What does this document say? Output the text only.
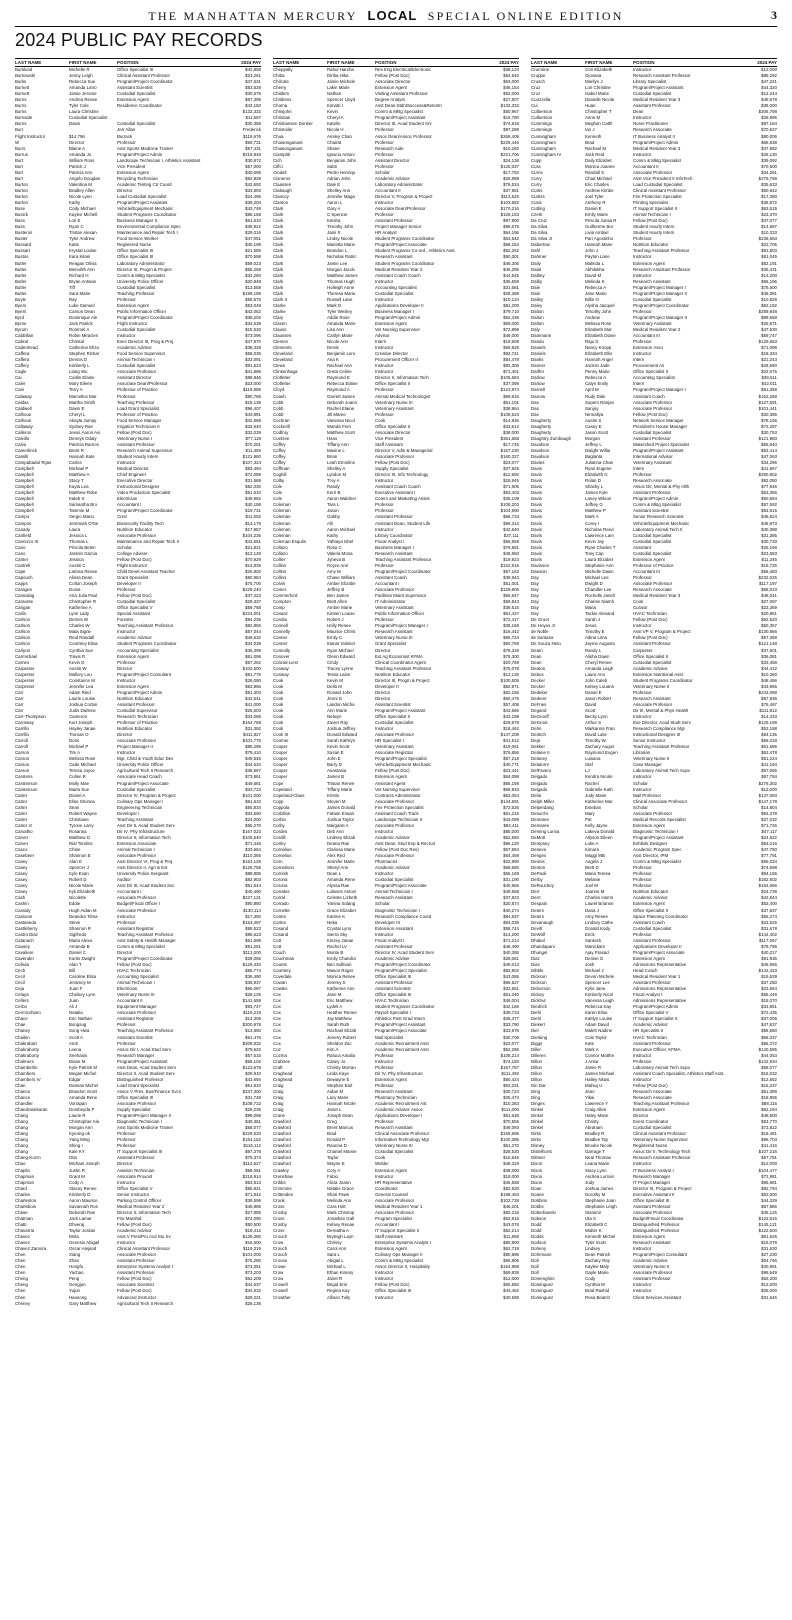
THE MANHATTAN MERCURY LOCAL SPECIAL ONLINE EDITION	3
2024 PUBLIC PAY RECORDS
LAST NAME	FIRST NAME	POSITION	2024 PAY
Burklund	Michelle R	Office Specialist III	$42,858
Burkowski	Jenny Leigh	Clinical Assistant Professor	$23,261
Burks	Rebecca Sue	Program/Project Coordinator	$47,631
Burnett	Amanda LaVo	Assistant Scientist	$53,528
Burnett	Jamie Jerome	Custodial Specialist	$30,575
Burns	Andrea Renee	Extension Agent	$67,395
Burns	Tyler Cole	Residence Coordinator	$43,150
Burns	Laura Christine	$132,332
Burnside	Custodial Specialist	$11,567
Burns	Dawn	Custodial Specialist	$30,358
Burr	Jerr Allan	Frederick
Flight Instructor	$14,796	Burrack	$118,676
W	Director	Professor	$69,731
Burrs	Blaine A	Asst Sports Medicine Trainer	$57,431
Burrus	Amanda Jo	Program/Project Admin	$218,848
Burt	William Ross	Landscape Technician I, Athletics Assistant	$30,972
Burt	Patrick J	Vice President	$57,000
Burt	Patricia Ann	Extension Agent	$40,095
Burt	Angelo Douglas	Recycling Technician	$62,928
Burton	Valentina M	Academic Testing Ctr Coord	$42,692
Burton	Bradley Allen	Director	$33,593
Burton	Nicole Lynn	Load Custodial Specialist	$24,496
Burton	Kathy	Program/Project Assistant	$39,204
Buse	Cody Michael	Vehicle/Equipment Mechanic	$43,748
Busick	Kaylee Michell	Student Programs Coordinator	$86,168
Buss	Lori E	Business Manager II	$61,610
Buss	Ryan C	Environmental Compliance Spec	$35,922
Busteros	Tristan Alexan	Maintenance and Repair Tech I	$29,016
Buster	Tyler Andrew	Food Service Worker	$47,051
Bussard	Katie	Registered Nurse	$40,199
Bussart	Krystal Louise	Office Specialist III	$21,585
Bustos	Kara Kilani	Office Specialist III	$70,598
Butler	Reagan Olivia	Laboratory Administrator	$59,023
Butler	Meredith Ann	Director III, Progm & Project	$55,268
Butler	Richard H	Comm & Mktg Specialist	$32,260
Butler	Bryan Antwan	University Police Officer	$20,848
Butler	Tiff	Custodial Specialist	$13,558
Butler	Sara Marie	Teaching Professor	$199,199
Buyle	Ray	Professor	$58,575
Byers	Luke Samuel	Extension Agent	$53,049
Byers	Carson Dean	Public Information Officer	$42,062
Byrd	Dominique Ale	Program/Project Coordinator	$38,202
Byrne	Jack Patrick	Flight Instructor	$34,639
Byrum	Rommel A	Custodial Specialist	$15,520
Cabbillan	Robin Miracles	Instructor	$73,096
Cabral	Christal	Exec Director III, Prog & Proj	$47,970
Cadenhead	Catherine Eliza	Academic Advisor	$38,328
Caffera	Stephen Richar	Food Service Supervisor	$58,036
Caffera	Dennis D	Animal Technician I	$33,091
Caffery	Kimberly L	Custodial Specialist	$91,523
Cagle	Liang Wu	Associate Professor	$41,996
Cai	Caitlin Elaine	Assistant Director	$88,846
Caler	Mary Eileen	Associate Dean/Professor	$23,000
Cain	Terry A	Professor of Practice	$118,985
Calaway	Marcellus Mar	Professor	$80,786
Caldas	Martha Smith	Teaching Professor	$15,138
Caldwell	Dawn E	Load Grant Specialist	$96,407
Calhoun	Cheryl L	Professor of Practice	$43,891
Calhoun	Akayla Jumay	Food Service Manager	$42,568
Callaway	Sydney Rae	Irrigation Technician II	$32,640
Calleros	Jesus Aaron Avi	Fellow (Post Doc)	$32,039
Calvillo	Dennys Odaly	Veterinary Nurse I	$77,119
Calvo	Patricia Ramos	Assistant Professor	$70,281
Camerlinck	Brent R	Research Animal Supervisor	$11,493
Camilli	Hannah Kate	Student Hourly Intern	$121,960
Campabadal Tejas	Carlos	Instructor	$107,324
Campbell	Michael P	Medical Director	$83,494
Campbell	Matthew A	Chief Engineer	$72,089
Campbell	Stacy T	Executive Director	$31,569
Campbell	Kayla Lea	Instructional Designer	$52,030
Campbell	Matthew Robe	Video Production Specialist	$51,510
Campbell	Kaleb S	Electrician	$49,962
Campbell	Samantha Bro	Accountant I	$40,198
Campbell	Tammie M	Program/Project Coordinator	$19,731
Campo	Sergio Mario	Cred	$11,052
Campos	Jeremiah O'Ne	Biosecurity Facility Tech	$13,176
Canady	Laura	Nutrition Educator	$17,957
Canfield	Jessica L	Associate Professor	$104,235
Cannizzo III	Thomas L	Maintenance and Repair Tech II	$43,561
Cano	Priscila Belen	Scholar	$21,821
Cano	Jasmin Garcia	College Adviser	$13,149
Canter	Jessica	Fellow (Post Doc)	$70,929
Cantrell	Austin C	Flight Instructor	$14,835
Cape	Larissa Renee	Child Devel Assistant Teacher	$25,802
Capouch	Alissa Dean	Grant Specialist	$50,984
Capps	Colton Joseph	Developer II	$75,700
Caragea	Doina	Professor	$229,240
Carandag	Ana Julia Paul	Fellow (Post Doc)	$37,423
Caraonte	Christopher R	Custodial Specialist	$29,337
Carigan	Katherine A	Office Specialist V	$59,768
Carlin	Lynn Lady	Special Assistant	$224,001
Carlson	Dennis W	Forester	$94,235
Carlson	Charles W	Teaching Assistant Professor	$82,855
Carlson	Maia Signe	Instructor	$57,044
Carlson	Reid Randall	Academic Advisor	$46,632
Carlson	Courtney Elisa	Student Programs Coordinator	$34,039
Carlyon	Cynthia Sue	Accounting Specialist	$35,399
Carmichael	Travis R	Extension Agent	$61,096
Carnes	Kevin D	Professor	$57,262
Carpenter	Austin W	Director	$102,500
Carpenter	Mallory Lou	Program/Project Consultant	$61,775
Carpenter	Constance M	Instructor	$28,080
Carpenter	Jennifer Lea	Extension Agent	$63,966
Carr	Adam Reid	Program/Project Admin	$51,303
Carr	Laurie Louise	Nutrition Educator	$42,541
Carr	Joshua Corbin	Assistant Professor	$41,000
Carr	Judis Darlene	Custodial Supervisor	$25,603
Carr-Thompson	Cameron	Research Technician	$33,086
Carraway	Kurt Joseph	Professor of Practice	$164,768
Carrillo	Hayley Janae	Nutrition Educator	$31,392
Carrillo	Truman O	Director	$411,827
Carroll	Doris	Associate Professor	$101,775
Carroll	Michael P	Project Manager II	$85,296
Carson	Tim A	Instructor	$79,410
Carson	Melissa Rose	Mgr, Child & Youth Educ Dev	$49,545
Carson	Cade Michael	University Police Officer	$44,634
Carson	Teresa Joyce	Agricultural Tech II Research	$36,567
Carstens	Cullen R	Associate Head Coach	$73,861
Carstenson	Molly Mae	Program/Project Associate	$49,681
Carstenson	Marla Sue	Custodial Specialist	$33,723
Carter	Daniel A	Director IV, Program & Project	$101,000
Carter	Elise Shonna	Culinary Ops Manager I	$61,610
Carter	Sean	Engineering Technician	$55,834
Carter	Robert Wayne	Developer I	$33,590
Carter	Christiane	Teaching Assistant	$24,000
Carter Jr	Tyrone Larry	Asst Dir II, Acad Student Serv	$55,270
Carvalho	Rosanna	Dir IV, Phy Infrastructure	$167,023
Carver	Matthew D	Director II, Information Tech	$105,540
Carver	Rial Tomlins	Extension Associate	$71,445
Casco	Chloe	Animal Technician I	$33,654
Casebeer	Shannon E	Associate Professor	$110,365
Casey	Alan E	Asst Director VI, Prog & Proj	$164,125
Casey	Spencer J	Asst Director II, Agri & Ext	$125,758
Casey	Kyle Evan	University Police Sergeant	$88,885
Casey	Robert D	Auditor	$82,903
Casey	Nicole Marie	Asst Dir III, Acad Student Svc	$51,644
Casey	Kyli Elizabeth	Accountant I	$40,490
Cash	Nicolette	Associate Professor	$227,121
Cashin	Eddie	Budget/Fiscal Officer I	$90,880
Cassidy	Hugh Aidan M	Associate Professor	$130,114
Cassone	Deandra Tilma	Instructor	$17,350
Castaneda	Steve	Professor	$153,497
Castleberry	Shannon R	Assistant Registrar	$85,523
Castro Diaz	Sigifredo	Teaching Assistant Professor	$85,623
Catanach	Maria Alexa	Asst Safety & Health Manager	$61,599
Causey	Amanda B	Comm & Mktg Specialist	$51,251
Cavaliere	Daniel C	Director	$113,000
Cavender	Kurtis Dwight	Program/Project Coordinator	$29,065
Cebula	Alan T	Fellow (Post Doc)	$129,420
Cech	Bill	HVAC Technician	$55,774
Cecil	Caroline Elisa	Accounting Specialist	$36,490
Cecil	Jeramey M	Animal Technician I	$35,937
Ceja	Juan F	Electrician	$66,087
Celaya	Chelsey Lynn	Veterinary Nurse III	$28,125
Cellers	Juan	Accountant II	$141,659
Cerbo	Ali J	Equipment Manager	$93,747
Cermicchiaro	Natalia	Associate Professor	$115,219
Chace	Eric Nathan	Assistant Registrar	$14,306
Chae	Bongsug	Professor	$200,978
Chaney	Song Hwa	Teaching Assistant Professor	$13,860
Chaikin	Scott A	Assistant Scientist	$61,476
Chakrabart	Amit	Professor	$208,932
Chakraborty	Leena	Assoc Dir I, Acad Stud Serv	$79,622
Chakraborty	Snehasis	Research Manager	$57,615
Chalmers	Diane M	Program/Project Assistant	$56,102
Chamberlin	Kyle Patrick M	Asst Dean, Acad Student Serv	$123,678
Chambers	Megan Michel	Director II, Acad Student Serv	$29,910
Chambers IV	Edgar	Distinguished Professor	$43,694
Chan	Damian Michel	Load Grant Specialist	$61,910
Chance	Brandon Scott	Assoc V Pres, Bus/Finance Svcs	$237,300
Chance	Amanda Rene	Office Specialist III	$31,748
Chandler	Vorrapan	Associate Professor	$108,722
Chandrasekaran	Dombeyda P	Supply Specialist	$26,235
Chang	Laurie R	Program/Project Manager II	$98,069
Chang	Christopher Ala	Diagnostic Technician I	$49,361
Chang	Morgan Ann	Asst Sports Medicine Trainer	$58,077
Chang	Kyeong-ok	Professor	$229,533
Chang	Yang Ming	Professor	$154,152
Chang	Shing I	Professor	$116,112
Chang	Kale KY	IT Support Specialist III	$67,378
Chang-Kozm	Otto	Assistant Professor	$79,373
Chao	Michael Joseph	Director	$113,527
Chaplin	Justin R	Aviation Technician	$58,081
Chapman	Grant M	Associate Provost	$218,914
Chapman	Cody A	Instructor	$63,913
Chard	Stacey Renee	Office Specialist V	$55,921
Charles	Kimberly D	Senior Instructor	$71,942
Charleston	Aaron Maurice	Parking Control Officer	$39,596
Charlebois	Savannah Ros	Medical Resident Year 2	$45,886
Chase	Deborah Rae	Director II, Information Tech	$27,885
Chatman	Jack Lamar	Fire Marshal	$74,090
Chatti	Dhveraj	Fellow (Post Doc)	$50,500
Chavarria	Taylor Jordan	Academic Advisor	$19,412
Chavez	Mirta	Asst V Pres/Pro Acd Stu Sv	$139,380
Chavez	Genesis Abigail	Instructor	$16,500
Chavez Zamora	Oscar Alejand	Clinical Assistant Professor	$119,319
Chen	Xiang	Associate Professor	$101,000
Chen	Zhan	Assistant Professor	$75,280
Chen	Hongfu	Enterprise Systems Analyst I	$73,351
Chen	Yachao	Assistant Professor	$73,203
Cheng	Peng	Fellow (Post Doc)	$62,209
Cheng	Gengjun	Associate Scientist	$44,537
Chen	Yujun	Fellow (Post Doc)	$34,932
Chen	Haosong	Advanced Instructor	$29,221
Cheney	Gary Matthew	Agricultural Tech II Research	$28,136
LAST NAME	FIRST NAME	POSITION	2024 PAY
Cheppally	Rahul Harsha	Res Eng Electrical/Electronic	$38,134
Chiba	Diriba Hika	Fellow (Post Doc)	$54,540
Chilcote	Jamie Michele	Associate Director	$63,000
Cherry	Lakin Marie	Extension Agent	$46,154
Childers	Nathan	Visiting Assistant Professor	$52,000
Childress	Spencer Lloyd	Degree Analyst	$27,507
Choma	Kimatti I	Asst Dean-StdntSuccess&Retentn	$132,332
Chrisjohn	Kevin	Comm & Mktg Specialist	$50,967
Christian	Cheryl A	Program/Project Assistant	$16,780
Christiansen Donker	Katelin	Director III, Acad Student Srv	$74,818
Christoiler	Nicola H	Professor	$97,288
Chua	Ansley Chan	Assoc Dean/Assoc Professor	$268,409
Chuwonganant	Chairat	Professor	$229,446
Chuwonganant	Shane	Research Aide	$10,260
Ciampitti	Ignacio Antoni	Professor	$221,706
Cich	Benjamin John	Assistant Director	$24,136
Ciffci	Sabri	Professor	$125,037
Cindell	Pedro Henriqu	Scholar	$17,752
Cisneros	Adrian John	Academic Advisor	$26,898
Claassen	Dale E	Laboratory Administrator	$76,534
Clabaugh	Shelley Ann	Accountant II	$37,981
Clancey	Jennifer Maga	Director V, Program & Project	$113,525
Clanton	Aaron L	Instructor	$102,582
Clark	Gary A	Associate Dean/Professor	$170,216
Clark	C Spencer	Professor	$129,153
Clark	Keisha	Assistant Professor	$97,900
Clark	Timothy John	Project Manager Senior	$95,675
Clark	Jami S	HR Analyst	$64,196
Clark	Lindsy Nicole	Student Programs Coordinator	$63,542
Clark	Marietta Marie	Program/Project Associate	$58,154
Clark	Brandon L	Student Programs Co-ord., Athletics Asst.	$52,252
Clark	Nicholas Ratric	Research Assistant	$50,301
Clark	Jamie Lee	Student Programs Coordinator	$46,305
Clark	Morgan Jacob	Medical Resident Year 2	$46,295
Clark	Matthew James	Assistant Coach Coach	$44,545
Clark	Thomas Hugh	Instructor	$35,559
Clark	Holleigh Anne	Accounting Specialist	$31,681
Clark	Theresa Marie	Custodial Specialist	$28,368
Clark II	Russell Lane	Instructor	$10,134
Clarke	Mark D	Applications Developer II	$81,200
Clarke	Tyler Wesley	Business Manager I	$79,710
Clary	Addie Rose	Program/Project Admin	$52,436
Clasen	Amanda Marie	Extension Agent	$59,000
Clauss	Lisa Ann	Vet Nursing Supervisor	$72,899
Claussen	Caitlyn Marie	Advisor	$48,000
Clemen	Nicole Ann	Intern	$19,608
Clements	Derek	Instructor	$69,829
Cleveland	Benjamin Lero	Creative Director	$92,741
Cleveland	Ana K	Procurement Officer II	$54,478
Clews	Rachael Ann	Instructor	$82,306
Clinkenhaga	Greta Celine	Instructor	$71,401
Clotfelter	Raymond E	Director II, Information Tech	$105,684
Clotfelter	Rebecca Elaine	Office Specialist II	$37,089
Cloyd	Raymond A	Professor	$123,974
Coash	Garrett James	Animal Medical Technologist	$69,915
Cobb	Deborah Joann	Veterinary Nurse III	$61,101
Cobb	Rachel Elaine	Veterinary Assistant	$38,964
Cobb	Jill Maree	Professor	$108,523
Cochran	Vanessa Nicol	Cook	$14,936
Cockerill	Wanda Fern	Office Specialist II	$33,612
Codfroy	Matthew Scott	Associate Director	$38,000
Coetzee	Hans	Vice President	$361,658
Coffey	Tiffany Ann	Staff Assistant	$17,745
Coffey	Maxine L	Director V, Adm & Managerial	$167,230
Coffey	Brian	Associate Professor	$160,327
Coffey	Leah Emmline	Fellow (Post Doc)	$23,077
Coffman	Shelley A	Supply Specialist	$37,925
Coghill	Lyndon M	Director III, Info Technology	$12,692
Colby	Troy A	Instructor	$19,945
Cole	Randy	Assistant Coach Coach	$71,905
Cole	Kerri B	Executive Assistant I	$63,403
Cole	Aaron Waldner	Comm and Marketing Assist	$35,109
Coleman	Tara L	Professor	$108,203
Coleman	Jason	Professor	$104,590
Coleman	Gabby	Assistant Professor	$66,733
Coleman	Alli	Assistant Dean, Student Life	$59,312
Coleman	Aaron Michael	Instructor	$42,640
Coleman	Kathy	Library Coordinator	$37,111
Coleman Esqulin	Yahtaya Ishel	Fiscal Analyst I	$56,559
Collazo	Rosa C	Business Manager I	$78,591
Collazo	Valeria Mona	Research Assistant	$45,950
Collier	Jyneva B	Teaching Assistant Professor	$19,923
Collins	Royce Ann	Professor	$152,916
Collins	Amy M	Program/Project Coordinator	$67,163
Collins	Chase William	Assistant Coach	$39,943
Colvin	Amber Elizabe	Accountant I	$51,001
Comer	Jeffrey B	Associate Professor	$129,805
Commerford	Ben James	Facilities Maint Supervisor	$55,647
Compton	Brett Allen	IT Administrator	$69,843
Comp	Amber Marie	Veterinary Assistant	$38,515
Conard	Kirsten Louise	Public Information Officer	$61,427
Condia	Robert J	Professor	$72,417
Connell	Holly Renee	Program/Project Manager I	$35,168
Connelly	Maurice Christ	Research Assistant	$16,442
Conner	Emily C	Veterinary Nurse III	$65,724
Conner	Itamar Gabriel	Grant Specialist	$50,769
Connolly	Ryan Michael	Director	$78,318
Conover	Glenn Edward	Ext Ag Economist KFMA	$75,300
Conrad-Lierz	Cindy	Clinical Coordinator Agent	$20,769
Conway	Tracey Lynne	Teaching Assistant Professor	$75,078
Conway	Tessa Laine	Nutrition Educator	$13,135
Cook	Kevin M	Director III, Progm & Project	$100,505
Cook	Della M	Developer II	$82,971
Cook	Ronald John	Director	$62,156
Cook	Jenni G	Director	$60,476
Cook	Landon Micha	Assistant Scientist	$57,408
Cook	Ann Marie	Program/Project Assistant	$43,666
Cook	Nelwyn	Office Specialist II	$43,189
Cook	Zavier Ray	Custodial Specialist	$29,878
Cook	Joshua Jeffrey	Instructor	$18,462
Cook III	Donald Edward	Associate Professor	$147,208
Coomer	Sarah Kathryn	HR Specialist I	$41,512
Cooper	Kevin Scott	Veterinary Assistant	$19,061
Cooper	Susan E	Associate Registrar	$76,856
Cooper	John E	Program/Project Specialist	$57,218
Cooper	Barry D	Vehicle/Equipment Mechanic	$40,771
Cooper	Anastasia	Fellow (Post Doc)	$23,441
Cooper	James B	Extension Agent	$64,098
Cope	Tristan Renee	Assistant Agent	$65,159
Copeland	Tiffany Marie	Vet Nursing Supervisor	$68,933
Copeland-Claus	Kristin	Contracts Administrator	$53,054
Copp	Steven M	Associate Professor	$144,691
Coppola	James Donald	Fire Protection Specialist	$72,626
Corbillon	Fabian Erwan	Assistant Coach Track	$61,216
Corbin	Joshua Taylor	Landscape Technician II	$43,099
Corby	Margaret A	Associate Professor	$82,411
Cordes	Deb Ann	Instructor	$85,000
Cordill	Lindsey Elizab	Academic Advisor	$62,550
Corley	Deana Rae	Asst Dean, Stud Exp & Recruit	$85,120
Cornelius	Clarissa Marie	Fellow (Post Doc Res)	$67,894
Cornelius	Alex Red	Associate Professor	$64,459
Corn	Jennifer Marie	Pharmacist	$22,990
Cornelison	Sheryl Ann	Academic Advisor	$68,680
Cornish	Dean L	Instructor	$56,169
Corona	Amanda Rene	Custodial Specialist	$31,190
Corona	Alyssa Rae	Program/Project Associate	$40,966
Corrales	Lulisses Antoni	Animal Technician I	$49,558
Corral	Celeste Lizbeth	Research Assistant	$37,823
Corrado	Yanina Solang	Scholar	$20,874
Cornette	Grace Elizabet	Diagnostic Technician I	$40,274
Cortes	Katrine K	Research Compliance Coord	$84,837
Cortes	Neka	Developer III	$84,039
Cosand	Crystal Lynn	Extension Assistant	$58,744
Cosand	Sierra Sky	Instructor	$14,200
Cott	Kinzey Janae	Fiscal Analyst I	$71,214
Cott	Rachel LV	Assistant Professor	$48,490
Couch	Monte B	Director IV, Acad Student Serv	$40,385
Couchman	Emily Chandra	Academic Adviser	$28,061
Counts	Ben Sullivan	Program/Project Coordinator	$49,013
Courtney	Mason Roger	Program/Project Specialist	$82,902
Covedale	Monica Renee	Office Specialist III	$43,086
Cowan	Jeremy S	Assistant Professor	$96,527
Cowles	Katherine Ann	Assistant Scientist	$32,551
Cox	Jane M	Office Specialist III	$51,240
Cox	Eric Matthew	HVAC Technician	$48,004
Cox	Lydell A	Student Programs Coordinator	$42,166
Cox	Heather Renee	Payroll Specialist I	$39,733
Cox	Jay Matthew	Athletics Post Grad Intern	$35,377
Cox	Sarah Ruth	Program/Project Assistant	$33,790
Cox	Rachael Elizab	Program/Project Associate	$33,576
Cox	Jeremy Robert	Mail Specialist	$30,706
Cox	Sheldon Zac	Academic Recruitment Asst	$23,077
Coz	Kim A	Academic Recruitment Asst	$52,285
Cozma	Raluca Amalia	Professor	$108,214
Crabtree	Casey Jo	Instructor	$74,150
Craft	Christy Morran	Professor	$167,757
Craghead	Linda Kaye	Dir IV, Phy Infrastructure	$111,492
Craghead	Dewayne E	Extension Agent	$60,424
Craig	Stephen Earl	Professor	$63,231
Craig	Aidan M	Research Assistant	$30,723
Craig	Lacy Marie	Pharmacy Technician	$25,474
Craig	Hannah Nicole	Academic Recruitment Ast	$10,283
Craig	Janet L	Academic Advisor Assoc	$111,000
Crane	Joseph Dean	Applications Developer I	$51,636
Crawford	Greg	Professor	$70,555
Crawford	Brent Marcus	Research Assistant	$48,093
Crawford	Brad	Clinical Associate Professor	$158,695
Crawford	Donald P	Information Technology Mgr	$100,395
Crawford	Raonna D	Veterinary Nurse III	$61,270
Crawford	Chantel Mamie	Custodial Specialist	$28,530
Crawford	Taylor	Cook	$16,645
Crawford	Wayne E	Welder	$48,319
Crawley	Cory A	Extension Agent	$38,000
Crenshaw	Fabio	Instructor	$18,000
Cribbs	Alicia Joann	HR Representative	$46,558
Crimmins	Natalie Grace	Coordinator	$52,920
Crittenden	Shari Fawn	General Counsel	$198,453
Crook	Melinda Ann	Associate Professor	$102,739
Cross	Cara Holt	Medical Resident Year 1	$46,201
Crosby	Mark Christop	Associate Professor	$82,216
Cross	Jonathan Gall	Program Specialist	$62,915
Crosby	Kelsey Renae	Accountant I	$43,076
Cross	Dereatha A	IT Support Specialist II	$62,214
Crouch	Bryleigh Layn	Staff Assistant	$11,869
Crow	Chrissy	Enterprise Systems Analyst I	$80,800
Crouch	Carol Ann	Extension Agent	$62,719
Crouch	Sara L	Culinary Ops Manager II	$80,896
Crouse	Abigail L	Comm & Mktg Specialist	$55,906
Crowe	Michael L	Assoc Director II, Hospitality	$154,958
Crow	Ethan Kimary	Instructor	$69,839
Crow	Janet R	Instructor	$12,000
Crowell	Brigid Erin	Fellow (Post Doc)	$55,550
Crowell	Regina Kay	Office Specialist III	$43,452
Crowther	Allison Tully	Instructor	$40,588
LAST NAME	FIRST NAME	POSITION	2024 PAY
Crumrine	Cori Elizabeth	Instructor	$12,000
Cruppe	Giovana	Research Assistant Professor	$85,292
Crusch	Marilyn J	Library Specialist	$47,221
Cruz	Lori Christine	Program/Project Assistant	$44,320
Cruz	Isabel Marie	Custodial Specialist	$12,244
Cuozzella	Danielle Nicole	Medical Resident Year 3	$49,578
Cui	Huan	Assistant Professor	$39,000
Culbertson	Christopher T	Dean	$306,788
Culbertson	Anne M	Instructor	$28,996
Cummings	Meghan Cathl	Nurse Practitioner	$97,184
Cummings	Ian J	Research Associate	$70,527
Cunningham	Kenneth	IT Business Analyst II	$80,006
Cunningham	Brad	Program/Project Admin	$66,838
Cunningham	Rachael M	Medical Resident Year 3	$47,882
Cunningham IV	Jack Reid	Instructor	$28,130
Cupp	Daily Elizabet	Comm & Mktg Specialist	$39,092
Cura	Monica Joanne	Accountant II	$70,500
Currie	Randall S	Associate Professor	$34,261
Curry	Chad Michael	Asst Vice President II InfoTech	$279,769
Curry	Eric Charles	Load Custodial Specialist	$35,633
Curtis	Andrew Kimbe	Clinical Assistant Professor	$50,842
Curtiss	Joel Tyler	Fire Protection Specialist	$17,380
Cusic	Anthony R	Printing Specialist	$38,872
Cutting	Daniel E	IT Support Specialist II	$63,515
Czerk	Emily Marie	Animal Technician I	$23,370
Da Cruz	Priscila Jurisa R	Fellow (Post Doc)	$47,077
Da Silva	Guilherme Bor	Student Hourly Intern	$14,687
Da Silva	Livia Ambiel	Student Hourly Intern	$10,333
Da Silva Jr	Pari Agostinho	Professor	$236,663
Dabertow	Hannah Marie	Nutrition Educator	$22,705
Dahl	John J	Teaching Assistant Professor	$91,803
Dahmer	Payton Lane	Instructor	$81,045
Daily	Malinda L	Extension Agent	$82,191
Dalal	Abhilekha	Research Assistant Professor	$35,431
Dalbey	David M	Instructor	$14,200
Dalby	Melinda K	Research Assistant	$66,196
Dale	Rebecca A	Program/Project Manager I	$75,500
Dale	Jane Marie	Program/Project Manager II	$49,381
Dalley	Billie O	Custodial Specialist	$10,829
Daley	Alysha Jacquel	Program/Project Coordinator	$62,192
Dalton	Timothy John	Professor	$289,848
Dalton	Andrew	Program/Project Manager II	$89,668
Dalton	Melissa Rose	Veterinary Assistant	$25,871
Daly	Elizabeth Mar	Medical Resident Year 2	$47,530
Dammann	Elizabeth Diane	Accountant III	$59,747
Dandu	Raju S	Professor	$129,653
Daniels	Nancy Knopp	Extension Asso	$71,099
Daniels	Elizabeth Ellis	Instructor	$18,334
Danks	Hannah Angel	Intern	$21,243
Danner	Jazmin Jade	Procurement As	$28,560
Darfler	Penny Marie	Office Specialist II	$22,675
Darlow	Rebecca A	Accounting Specialist	$39,511
Darlow	Calyn Emily	Intern	$42,011
Darnell	April M	Program/Project Manager I	$61,358
Darrow	Rudy Dale	Assistant Coach	$152,269
Das	Supem Ranjan	Associate Professor	$127,091
Das	Sanjoy	Associate Professor	$101,441
Das	Nirmallya	Fellow (Post Doc)	$30,385
Daugherty	Austin S	Network Service Manager	$78,156
Daugherty	Casey E	President's House Manager	$72,297
Daugherty	Jason Scott	Custodial Specialist	$30,763
Daughtry Zumbaugh	Morgan	Assistant Professor	$121,983
Davidson	Jeffrey L	Watershed Project Specialist	$65,840
Davidson	Dwight Willia	Program/Project Assistant	$53,414
Davidson	Baglanta	International Advisor	$47,063
Davies	Julianna Chan	Veterinary Assistant	$34,296
Davis	Ryan Eugene	Intern	$41,967
Davis	Elizabeth G	Professor	$280,802
Davis	Rolan D	Research Associate	$82,050
Davis	Shacky L	Assoc Dir, Mental & Phy Hlth	$77,646
Davis	James Kyle	Assistant Professor	$63,356
Davis	Laney Wilson	Program/Project Admin	$60,694
Davis	Jeffrey G	Comm & Mktg Specialist	$57,592
Davis	Matthew P	Assistant Scientist	$53,515
Davis	Mark A	Senior Research Scientist	$48,824
Davis	Corey I	Vehicle/Equipment Mechanic	$46,973
Davis	Nicholas Reed	Laboratory Animal Tech II	$40,388
Davis	Lawrence Lam	Custodial Specialist	$31,385
Davis	Kevin Jay	Custodial Specialist	$30,733
Davis	Ryan Charles T	Assistant	$25,169
Davis	Tony Cap	Custodial Specialist	$23,583
Davis	Laura Elizabet	Extension Agent	$11,345
Davisson	Stephanie Ann	Professor of Practice	$19,725
Dawson	Michelle Dawn	Accountant III	$56,483
Day	Michael Lee	Professor	$232,025
Day	Dwight D	Associate Professor	$117,197
Day	Chandler Lee	Research Associate	$68,023
Day	Rochelle Janell	Medical Resident Year 3	$48,041
Day	Charise Niamh	Cook	$27,097
Day	Maria	Curator	$23,369
Day	Tackie Alexand	HVAC Technician	$20,861
De Groot	Sarah J	Fellow (Post Doc)	$52,520
De Hoyos Jr	Jesus	Instructor	$50,357
de Noble	Timothy E	Asst VP V, Program & Project	$130,866
de Santana	Adina Lima	Fellow (Post Doc)	$57,369
De Souza Neto	Jayme Augusto	Assistant Professor	$121,148
Deam	Randy L	Carpenter	$37,601
Dean	Alisha Dawn	Office Specialist II	$36,081
Dean	Cheryl Renee	Custodial Specialist	$33,458
Deaton	Amanda Leigh	Academic Advisor	$44,412
Debus	Laura Ann	Extension Nutritional Asst	$10,360
Decker	John Caleb	Student Programs Coordinator	$48,466
Decker	Kelsey Louann	Veterinary Nurse II	$43,966
Dedeker	Daniel E	Professor	$243,089
Dederer	Jason Robert	Research Assistant	$57,936
DeFries	David	Associate Professor	$76,497
Degand	Scott	Dir III, Mental & Phys Health	$111,812
DeGrooff	Becky Lynn	Instructor	$14,333
DeGroot	Arthur S	Exe Director, Acad Studt Serv	$129,169
Dehn	Markanna Fran	Research Compliance Mgr	$52,188
Deitrich	David Luke	Instructional Designer III	$64,135
Deja	Timothy W	Senior Instructor	$69,218
Dekker	Zachary Augus	Teaching Assistant Professor	$61,586
Delaine II	Raymond Eugen	Librarian	$63,478
Delaney	Luisana	Veterinary Nurse II	$51,224
Delatorre	Staf	Case Manager	$41,194
DelFavero	LJ	Laboratory Animal Tech Supv	$57,065
Delgado	Kendra Nicole	Instructor	$67,784
Delgado	Rachel	Scholar	$278,302
Delgado	Gabrielle Kath	Instructor	$12,000
Delia	Judy Marie	Mail Professor	$137,083
Delph Miller	Katherine Mar	Clinical Associate Professor	$147,178
Delperdang	Esteban	Scholar	$14,804
Delucchi	Mary	Associate Professor	$84,378
Demaree	Pat	Medical Records Specialist	$27,032
Demaree	Kelly Jayne	Extension Agent	$71,726
Deming Lumia	Lakeva Donald	Diagnostic Technician I	$47,117
DeMott	Allyson Eileen	Program/Project Assistant	$24,522
Dempsey	Luke A	Exhibits Designer	$54,216
Deneve	Kimara	Academic Program Spec	$47,750
Denges	Maggi MB	Asst Director, IPM	$77,791
Dennis	Angela J	Comm & Mktg Specialist	$65,034
Denton	Brett D	Professor	$74,698
DePaoli	Maria Teresa	Professor	$94,155
Derby	Melanie	Professor	$182,602
DeRouchey	Joel M	Professor	$154,066
Derr	Joanne M	Nutrition Educator	$24,739
Derrr	Charles Harris	Academic Advisor	$42,944
Despain	Laurel Brianne	Extension Agent	$53,400
Deters	Dana J	Office Specialist II	$47,837
Deters	Amy Renee	Space Planning Coordinator	$55,274
Devanaugh	Lindsey Cathe	Assistant Coach	$23,525
Devitt	Donald Kody	Custodial Specialist	$31,678
DeWolf	Erick	Professor	$144,402
Dhakal	Santosh	Assistant Professor	$117,057
Dhandapani	Manickam	Applications Developer II	$79,795
Dhungel	Ajay Prasad	Program/Project Associate	$40,217
Diaz	Denise G	Extension Agent	$91,936
Diaz	Josh	Admissions Representative	$46,956
Dibble	Michael J	Head Coach	$142,423
Dickson	Devon Michele	Medical Resident Year 1	$19,529
Dickson	Spencer Lee	Assistant Professor	$37,250
Dickerson	Kylie Jane	Admissions Representative	$23,654
Dickey	Kimberly Nicol	Fiscal Analyst I	$55,449
Dickhut	Vanessa Leigh	Admissions Representative	$15,070
Diedrich	Rebecca Kay	Program/Project Admin	$33,851
Diehl	Karen Elise	Office Specialist V	$72,435
Diehl	Kaitlyn Louise	IT Support Specialist II	$37,006
Diekert	Adam David	Academic Advisor	$47,637
Diel	Maleh Nadine	HR Specialist II	$56,560
Dierking	Cole Taylor	HVAC Technician	$66,337
Diggs	Kate	Assistant Professor	$86,372
Diller	Mark A	Executive Officer, KFMA	$140,595
Dilleren	Connor Matthe	Instructor	$44,053
Dillon	J Anita	Professor	$142,934
Dillon	Jamie R	Laboratory Animal Tech Supv	$58,077
Dillon	James Michael	Assistant Coach Specialist, Athletics Staff Asst.	$16,032
Dillon	Halley Nkasi	Instructor	$12,652
Din Dar	Mahiuj U	Fellow (Post Doc)	$15,237
Ding	Jeao	Research Associate	$51,389
Ding	Yikai	Research Associate	$18,955
Dinges	Lawrence Y	Teaching Assistant Professor	$88,115
Dinkel	Craig Allen	Extension Agent	$62,194
Dinkel	Haley Marie	Director	$48,500
Dinkel	Christy	Event Coordinator	$53,770
Dinkel	Abraham	Custodial Specialist	$73,822
Dirks	Bradley R	Clinical Assistant Professor	$18,481
Dirks	Bradlee Tay	Veterinary Nurse Supervisor	$96,704
Disney	Brooke Nicole	Registered Nurse	$41,416
Distelhorst	Garrage T	Assoc Dir II, Technology Tech	$107,216
Dittmer	Neal Thomas	Research Assistant Professor	$57,781
Dixon	Leana Marie	Instructor	$12,000
Dixon	Stacy Lynn	IT Business Analyst I	$104,477
Dixon	Andrea Lorrain	Research Manager	$72,881
Dixon	Judy	IT Project Manager	$96,981
Doan	Joshua James	Director III, Program & Project	$82,794
Doane	Dorothy M	Executive Assistant II	$52,000
Dobbins	Stephanie Joan	Office Specialist III	$44,329
Dobbs	Stephanie Leigh	Assistant Professor	$87,886
Doberbanski	Stanimir	Associate Professor	$45,125
Dobson	Uta S	Budget/Fiscal Coordinator	$122,516
Dodd	Elizabeth C	Distinguished Professor	$145,121
Dodd	Walter K	Distinguished Professor	$122,600
Dodds	Kenneth Michel	Extension Agent	$61,626
Dodson	Tyler Scott	Research Assistant	$15,079
Doheny	Lindsey	Instructor	$31,630
Dohrmann	Dean Patrick	Program/Project Consultant	$27,230
Doll	Zachary Ray	Academic Advisor	$54,766
Doll	Kaylee Maly	Veterinary Nurse II	$40,981
Doll	Gayle Marie	Associate Professor	$98,649
Domenghini	Cody	Assistant Professor	$62,200
Dominguez	Cynthia M	Instructor	$12,000
Dominguez	Brad Rashid	Instructor	$25,000
Dominguez	Rosa Beatriz	Client Services Assistant	$31,646
